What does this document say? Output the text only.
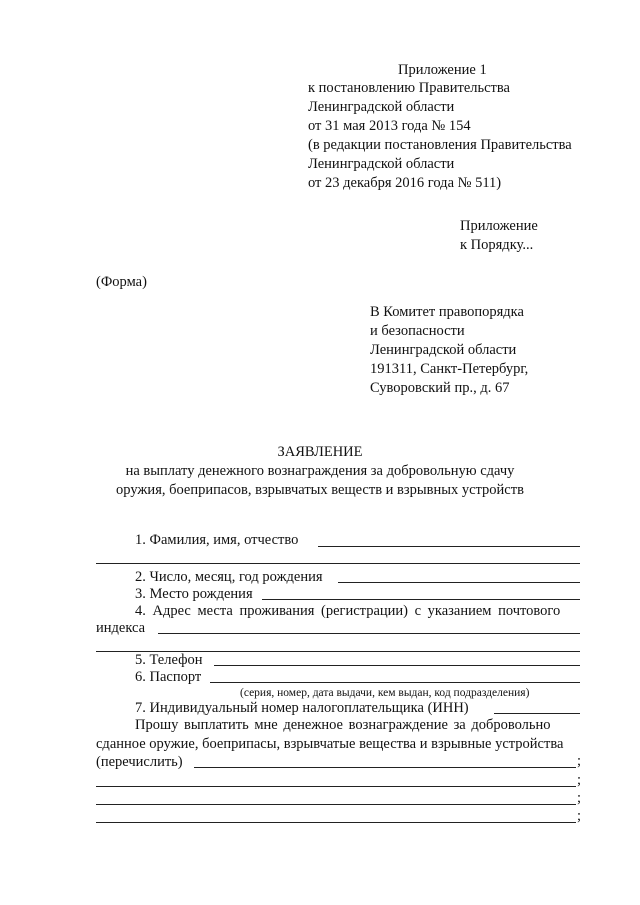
Приложение 1
к постановлению Правительства
Ленинградской области
от 31 мая 2013 года № 154
(в редакции постановления Правительства
Ленинградской области
от 23 декабря 2016 года № 511)
Приложение
к Порядку...
(Форма)
В Комитет правопорядка
и безопасности
Ленинградской области
191311, Санкт-Петербург,
Суворовский пр., д. 67
ЗАЯВЛЕНИЕ
на выплату денежного вознаграждения за добровольную сдачу
оружия, боеприпасов, взрывчатых веществ и взрывных устройств
1. Фамилия, имя, отчество
2. Число, месяц, год рождения
3. Место рождения
4. Адрес места проживания (регистрации) с указанием почтового
индекса
5. Телефон
6. Паспорт
(серия, номер, дата выдачи, кем выдан, код подразделения)
7. Индивидуальный номер налогоплательщика (ИНН)
Прошу выплатить мне денежное вознаграждение за добровольно
сданное оружие, боеприпасы, взрывчатые вещества и взрывные устройства
(перечислить)	;
;
;
;
